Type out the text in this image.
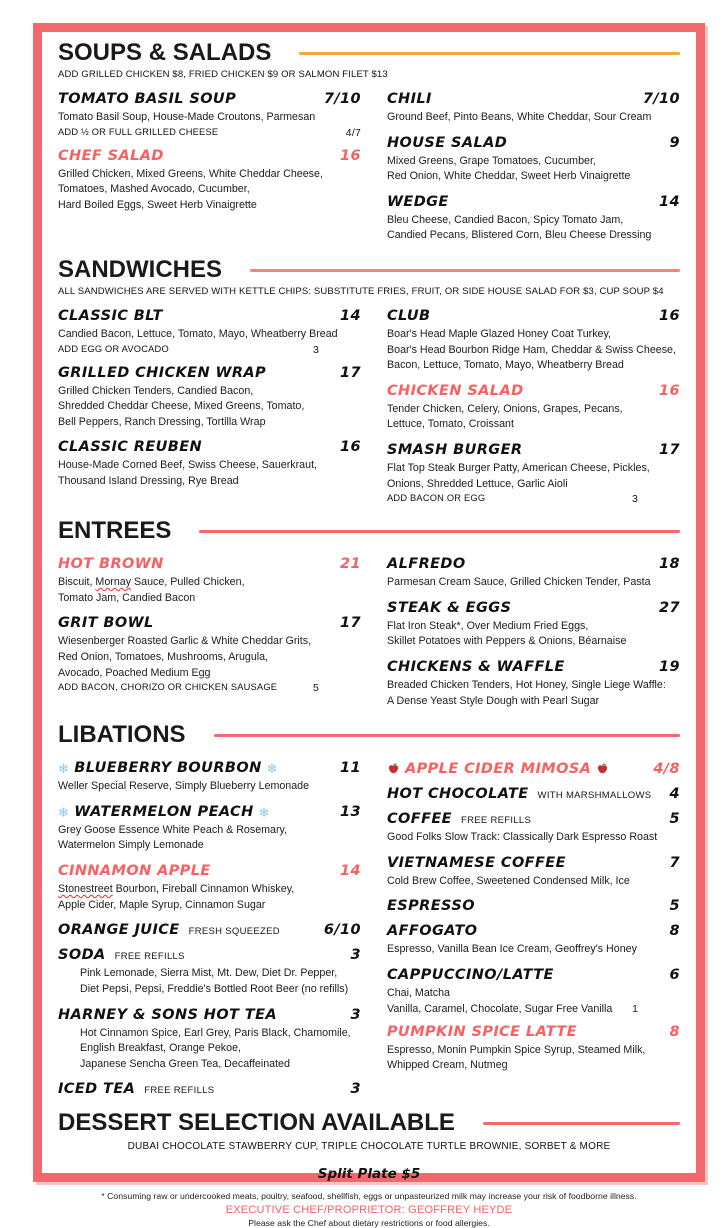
SOUPS & SALADS
ADD GRILLED CHICKEN $8, FRIED CHICKEN $9 OR SALMON FILET $13
TOMATO BASIL SOUP	7/10
Tomato Basil Soup, House-Made Croutons, Parmesan
ADD ½ OR FULL GRILLED CHEESE	4/7
CHEF SALAD	16
Grilled Chicken, Mixed Greens, White Cheddar Cheese,
Tomatoes, Mashed Avocado, Cucumber,
Hard Boiled Eggs, Sweet Herb Vinaigrette
CHILI	7/10
Ground Beef, Pinto Beans, White Cheddar, Sour Cream
HOUSE SALAD	9
Mixed Greens, Grape Tomatoes, Cucumber,
Red Onion, White Cheddar, Sweet Herb Vinaigrette
WEDGE	14
Bleu Cheese, Candied Bacon, Spicy Tomato Jam,
Candied Pecans, Blistered Corn, Bleu Cheese Dressing
SANDWICHES
ALL SANDWICHES ARE SERVED WITH KETTLE CHIPS: SUBSTITUTE FRIES, FRUIT, OR SIDE HOUSE SALAD FOR $3, CUP SOUP $4
CLASSIC BLT	14
Candied Bacon, Lettuce, Tomato, Mayo, Wheatberry Bread
ADD EGG OR AVOCADO	3
GRILLED CHICKEN WRAP	17
Grilled Chicken Tenders, Candied Bacon,
Shredded Cheddar Cheese, Mixed Greens, Tomato,
Bell Peppers, Ranch Dressing, Tortilla Wrap
CLASSIC REUBEN	16
House-Made Corned Beef, Swiss Cheese, Sauerkraut,
Thousand Island Dressing, Rye Bread
CLUB	16
Boar's Head Maple Glazed Honey Coat Turkey,
Boar's Head Bourbon Ridge Ham, Cheddar & Swiss Cheese,
Bacon, Lettuce, Tomato, Mayo, Wheatberry Bread
CHICKEN SALAD	16
Tender Chicken, Celery, Onions, Grapes, Pecans,
Lettuce, Tomato, Croissant
SMASH BURGER	17
Flat Top Steak Burger Patty, American Cheese, Pickles,
Onions, Shredded Lettuce, Garlic Aioli
ADD BACON OR EGG	3
ENTREES
HOT BROWN	21
Biscuit, Mornay Sauce, Pulled Chicken,
Tomato Jam, Candied Bacon
GRIT BOWL	17
Wiesenberger Roasted Garlic & White Cheddar Grits,
Red Onion, Tomatoes, Mushrooms, Arugula,
Avocado, Poached Medium Egg
ADD BACON, CHORIZO OR CHICKEN SAUSAGE	5
ALFREDO	18
Parmesan Cream Sauce, Grilled Chicken Tender, Pasta
STEAK & EGGS	27
Flat Iron Steak*, Over Medium Fried Eggs,
Skillet Potatoes with Peppers & Onions, Béarnaise
CHICKENS & WAFFLE	19
Breaded Chicken Tenders, Hot Honey, Single Liege Waffle:
A Dense Yeast Style Dough with Pearl Sugar
LIBATIONS
❄ BLUEBERRY BOURBON ❄	11
Weller Special Reserve, Simply Blueberry Lemonade
❄ WATERMELON PEACH ❄	13
Grey Goose Essence White Peach & Rosemary,
Watermelon Simply Lemonade
CINNAMON APPLE	14
Stonestreet Bourbon, Fireball Cinnamon Whiskey,
Apple Cider, Maple Syrup, Cinnamon Sugar
ORANGE JUICE FRESH SQUEEZED	6/10
SODA FREE REFILLS	3
Pink Lemonade, Sierra Mist, Mt. Dew, Diet Dr. Pepper,
Diet Pepsi, Pepsi, Freddie's Bottled Root Beer (no refills)
HARNEY & SONS HOT TEA	3
Hot Cinnamon Spice, Earl Grey, Paris Black, Chamomile,
English Breakfast, Orange Pekoe,
Japanese Sencha Green Tea, Decaffeinated
ICED TEA FREE REFILLS	3
APPLE CIDER MIMOSA	4/8
HOT CHOCOLATE WITH MARSHMALLOWS 4
COFFEE FREE REFILLS	5
Good Folks Slow Track: Classically Dark Espresso Roast
VIETNAMESE COFFEE	7
Cold Brew Coffee, Sweetened Condensed Milk, Ice
ESPRESSO	5
AFFOGATO	8
Espresso, Vanilla Bean Ice Cream, Geoffrey's Honey
CAPPUCCINO/LATTE	6
Chai, Matcha
Vanilla, Caramel, Chocolate, Sugar Free Vanilla 1
PUMPKIN SPICE LATTE	8
Espresso, Monin Pumpkin Spice Syrup, Steamed Milk,
Whipped Cream, Nutmeg
DESSERT SELECTION AVAILABLE
DUBAI CHOCOLATE STAWBERRY CUP, TRIPLE CHOCOLATE TURTLE BROWNIE, SORBET & MORE
Split Plate $5
* Consuming raw or undercooked meats, poultry, seafood, shellfish, eggs or unpasteurized milk may increase your risk of foodborne illness.
EXECUTIVE CHEF/PROPRIETOR: GEOFFREY HEYDE
Please ask the Chef about dietary restrictions or food allergies.
